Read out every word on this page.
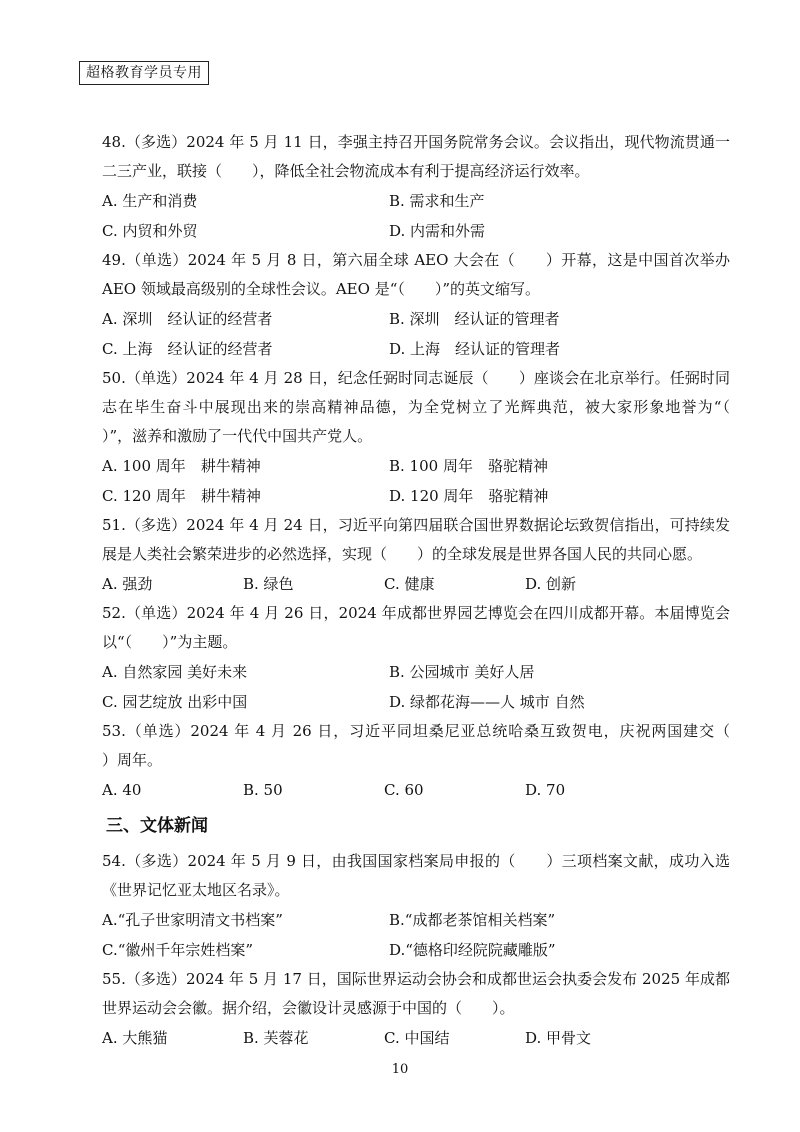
超格教育学员专用

48.（多选）2024 年 5 月 11 日，李强主持召开国务院常务会议。会议指出，现代物流贯通一二三产业，联接（　　），降低全社会物流成本有利于提高经济运行效率。

A. 生产和消费	B. 需求和生产
C. 内贸和外贸	D. 内需和外需

49.（单选）2024 年 5 月 8 日，第六届全球 AEO 大会在（　　）开幕，这是中国首次举办 AEO 领域最高级别的全球性会议。AEO 是“（　　）”的英文缩写。

A. 深圳　经认证的经营者	B. 深圳　经认证的管理者
C. 上海　经认证的经营者	D. 上海　经认证的管理者

50.（单选）2024 年 4 月 28 日，纪念任弼时同志诞辰（　　）座谈会在北京举行。任弼时同志在毕生奋斗中展现出来的崇高精神品德，为全党树立了光辉典范，被大家形象地誉为“（　　）”，滋养和激励了一代代中国共产党人。

A. 100 周年　耕牛精神	B. 100 周年　骆驼精神
C. 120 周年　耕牛精神	D. 120 周年　骆驼精神

51.（多选）2024 年 4 月 24 日，习近平向第四届联合国世界数据论坛致贺信指出，可持续发展是人类社会繁荣进步的必然选择，实现（　　）的全球发展是世界各国人民的共同心愿。

A. 强劲	B. 绿色	C. 健康	D. 创新

52.（单选）2024 年 4 月 26 日，2024 年成都世界园艺博览会在四川成都开幕。本届博览会以“（　　）”为主题。

A. 自然家园 美好未来	B. 公园城市 美好人居
C. 园艺绽放 出彩中国	D. 绿都花海——人 城市 自然

53.（单选）2024 年 4 月 26 日，习近平同坦桑尼亚总统哈桑互致贺电，庆祝两国建交（　　）周年。

A. 40	B. 50	C. 60	D. 70
三、文体新闻

54.（多选）2024 年 5 月 9 日，由我国国家档案局申报的（　　）三项档案文献，成功入选《世界记忆亚太地区名录》。

A.“孔子世家明清文书档案”	B.“成都老茶馆相关档案”
C.“徽州千年宗姓档案”	D.“德格印经院院藏雕版”

55.（多选）2024 年 5 月 17 日，国际世界运动会协会和成都世运会执委会发布 2025 年成都世界运动会会徽。据介绍，会徽设计灵感源于中国的（　　）。

A. 大熊猫	B. 芙蓉花	C. 中国结	D. 甲骨文
10
